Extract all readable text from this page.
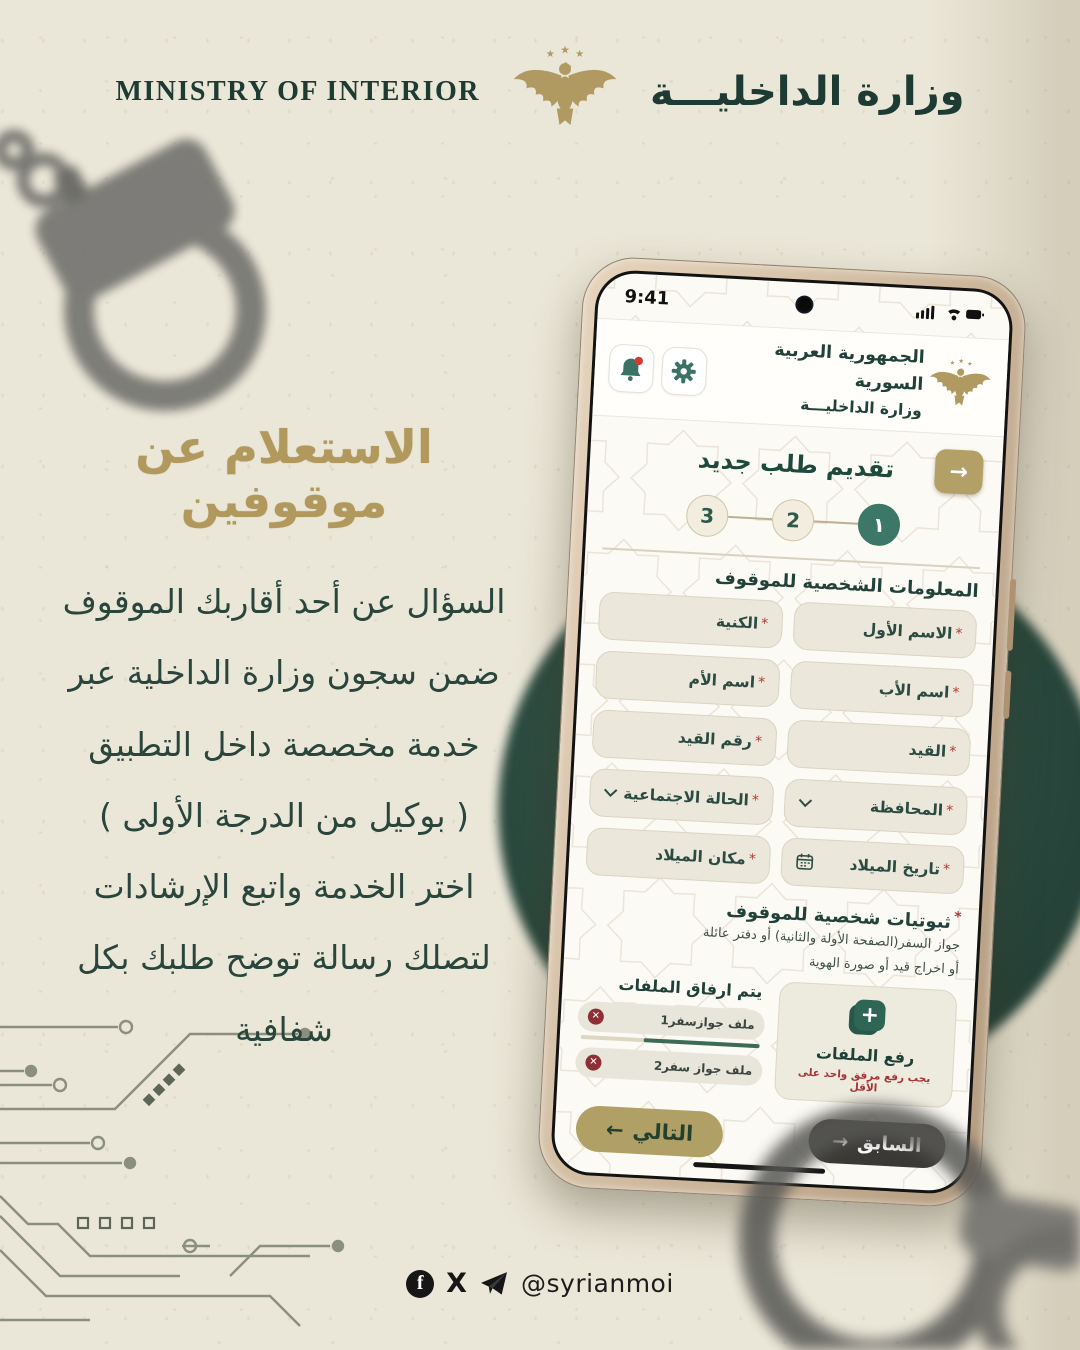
MINISTRY OF INTERIOR	وزارة الداخليـــة
الاستعلام عن موقوفين
السؤال عن أحد أقاربك الموقوف
ضمن سجون وزارة الداخلية عبر
خدمة مخصصة داخل التطبيق
( بوكيل من الدرجة الأولى )
اختر الخدمة واتبع الإرشادات
لتصلك رسالة توضح طلبك بكل
شفافية
9:41
الجمهورية العربية السورية
وزارة الداخليـــة
تقديم طلب جديد →
١
2
3
المعلومات الشخصية للموقوف
*
الاسم الأول
*
الكنية
*
اسم الأب
*
اسم الأم
*
القيد
*
رقم القيد
*
المحافظة
*
الحالة الاجتماعية
*
تاريخ الميلاد
*
مكان الميلاد
*ثبوتيات شخصية للموقوف

جواز السفر(الصفحة الأولة والثانية) أو دفتر عائلة

أو اخراج قيد أو صورة الهوية

+
رفع الملفات
يجب رفع مرفق واحد على الأقل
يتم ارفاق الملفات
ملف جوازسفر1
✕
ملف جواز سفر2
✕
السابق
→
التالي
←
f X @syrianmoi
